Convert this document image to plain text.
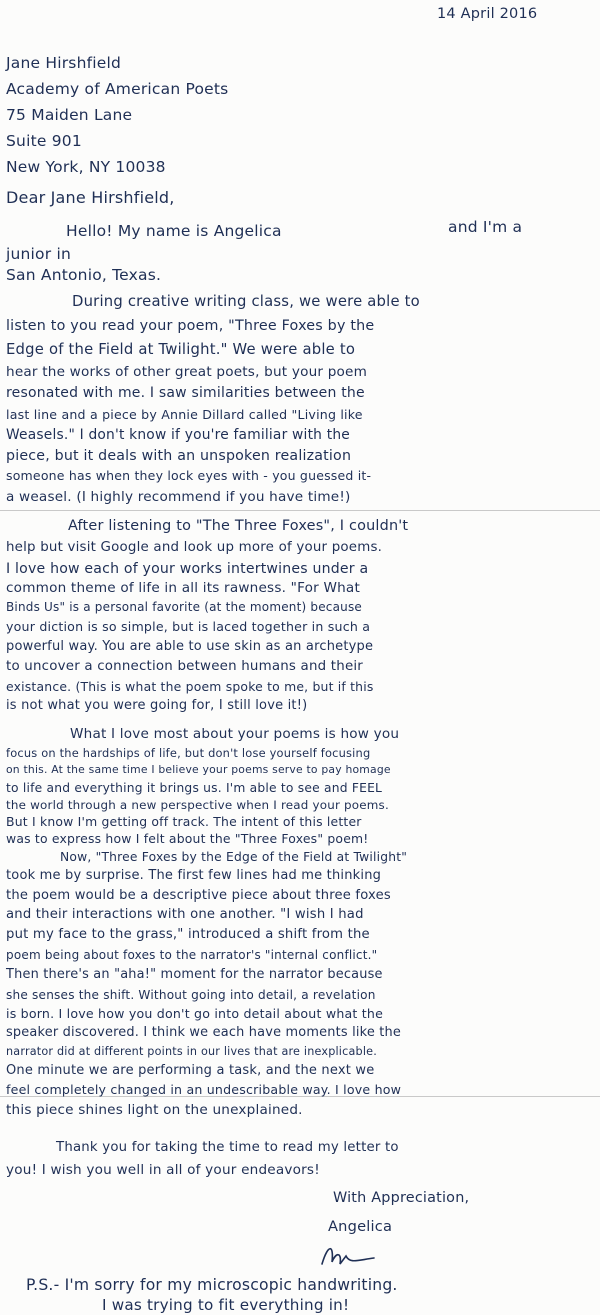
14 April 2016
Jane Hirshfield
Academy of American Poets
75 Maiden Lane
Suite 901
New York, NY 10038
Dear Jane Hirshfield,
Hello! My name is Angelica	and I'm a
junior in
San Antonio, Texas.
During creative writing class, we were able to
listen to you read your poem, "Three Foxes by the
Edge of the Field at Twilight." We were able to
hear the works of other great poets, but your poem
resonated with me. I saw similarities between the
last line and a piece by Annie Dillard called "Living like
Weasels." I don't know if you're familiar with the
piece, but it deals with an unspoken realization
someone has when they lock eyes with - you guessed it-
a weasel. (I highly recommend if you have time!)
After listening to "The Three Foxes", I couldn't
help but visit Google and look up more of your poems.
I love how each of your works intertwines under a
common theme of life in all its rawness. "For What
Binds Us" is a personal favorite (at the moment) because
your diction is so simple, but is laced together in such a
powerful way. You are able to use skin as an archetype
to uncover a connection between humans and their
existance. (This is what the poem spoke to me, but if this
is not what you were going for, I still love it!)
What I love most about your poems is how you
focus on the hardships of life, but don't lose yourself focusing
on this. At the same time I believe your poems serve to pay homage
to life and everything it brings us. I'm able to see and FEEL
the world through a new perspective when I read your poems.
But I know I'm getting off track. The intent of this letter
was to express how I felt about the "Three Foxes" poem!
Now, "Three Foxes by the Edge of the Field at Twilight"
took me by surprise. The first few lines had me thinking
the poem would be a descriptive piece about three foxes
and their interactions with one another. "I wish I had
put my face to the grass," introduced a shift from the
poem being about foxes to the narrator's "internal conflict."
Then there's an "aha!" moment for the narrator because
she senses the shift. Without going into detail, a revelation
is born. I love how you don't go into detail about what the
speaker discovered. I think we each have moments like the
narrator did at different points in our lives that are inexplicable.
One minute we are performing a task, and the next we
feel completely changed in an undescribable way. I love how
this piece shines light on the unexplained.
Thank you for taking the time to read my letter to
you! I wish you well in all of your endeavors!
With Appreciation,
Angelica
P.S.- I'm sorry for my microscopic handwriting.
I was trying to fit everything in!
